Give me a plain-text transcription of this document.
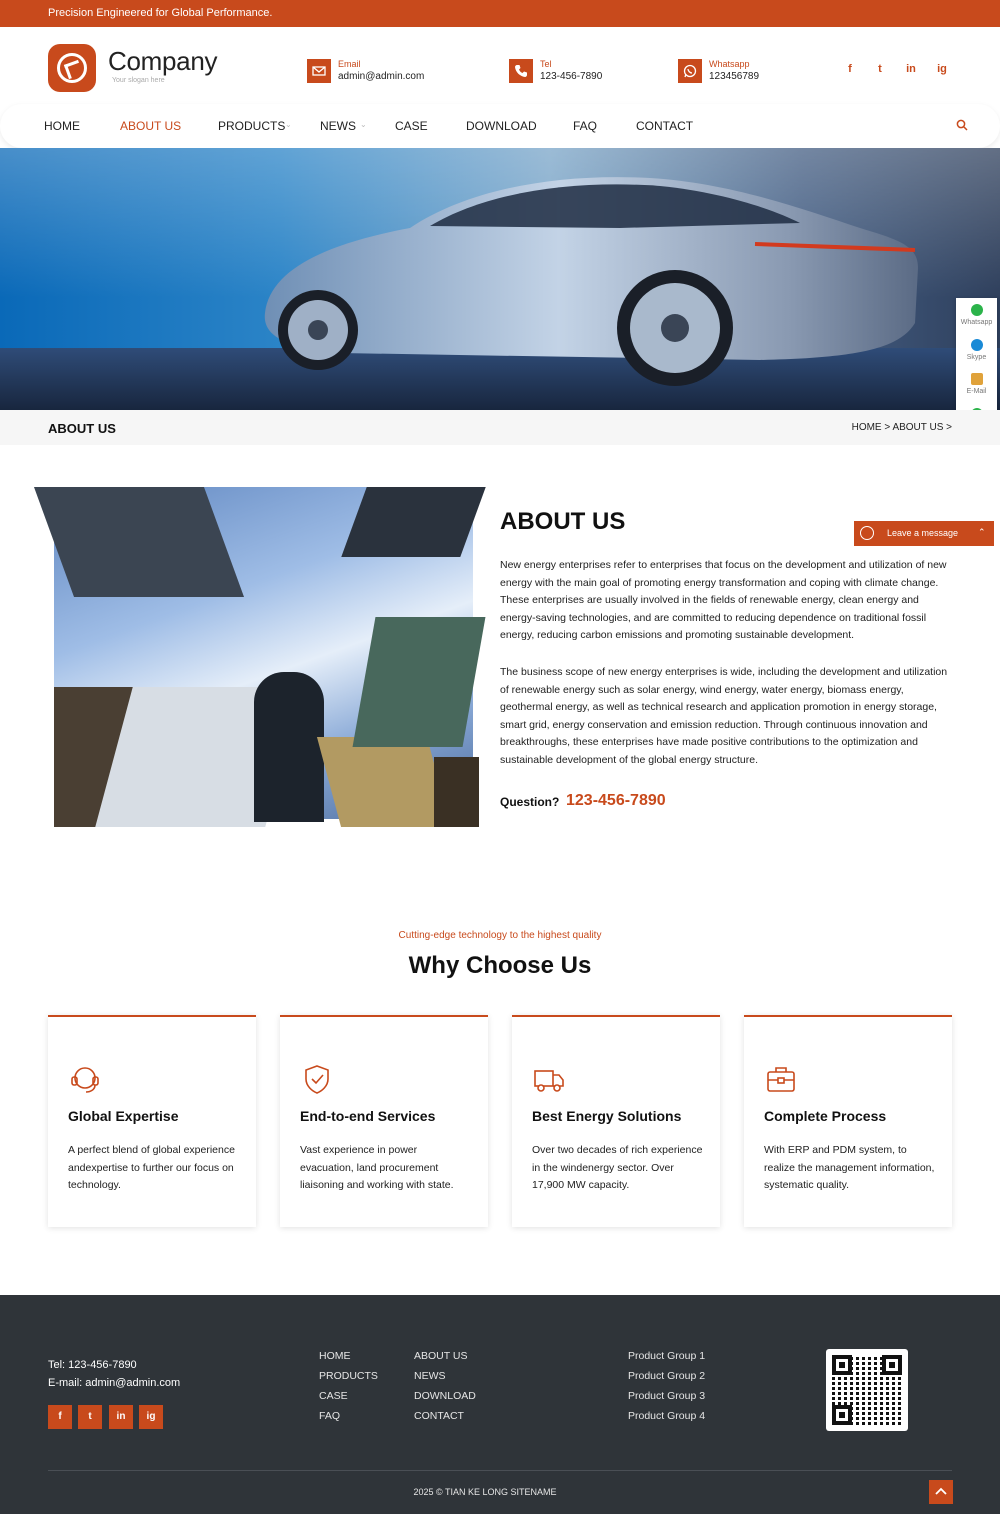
Precision Engineered for Global Performance.
Company
Your slogan here
Email
admin@admin.com
Tel
123-456-7890
Whatsapp
123456789
f	t	in ig
HOME	ABOUT US	PRODUCTS ⌄ NEWS ⌄ CASE	DOWNLOAD	FAQ	CONTACT
Whatsapp
Skype
E-Mail
ABOUT US	HOME > ABOUT US >
ABOUT US
New energy enterprises refer to enterprises that focus on the development and utilization of new energy with the main goal of promoting energy transformation and coping with climate change. These enterprises are usually involved in the fields of renewable energy, clean energy and energy-saving technologies, and are committed to reducing dependence on traditional fossil energy, reducing carbon emissions and promoting sustainable development.
The business scope of new energy enterprises is wide, including the development and utilization of renewable energy such as solar energy, wind energy, water energy, biomass energy, geothermal energy, as well as technical research and application promotion in energy storage, smart grid, energy conservation and emission reduction. Through continuous innovation and breakthroughs, these enterprises have made positive contributions to the optimization and sustainable development of the global energy structure.
Question? 123-456-7890
Leave a message ⌃
Cutting-edge technology to the highest quality
Why Choose Us
Global Expertise
A perfect blend of global experience andexpertise to further our focus on technology.
End-to-end Services
Vast experience in power evacuation, land procurement liaisoning and working with state.
Best Energy Solutions
Over two decades of rich experience in the windenergy sector. Over 17,900 MW capacity.
Complete Process
With ERP and PDM system, to realize the management information, systematic quality.
Tel: 123-456-7890
E-mail: admin@admin.com
f	t	in	ig
HOME
PRODUCTS
CASE
FAQ
ABOUT US
NEWS
DOWNLOAD
CONTACT
Product Group 1
Product Group 2
Product Group 3
Product Group 4
2025 © TIAN KE LONG SITENAME
